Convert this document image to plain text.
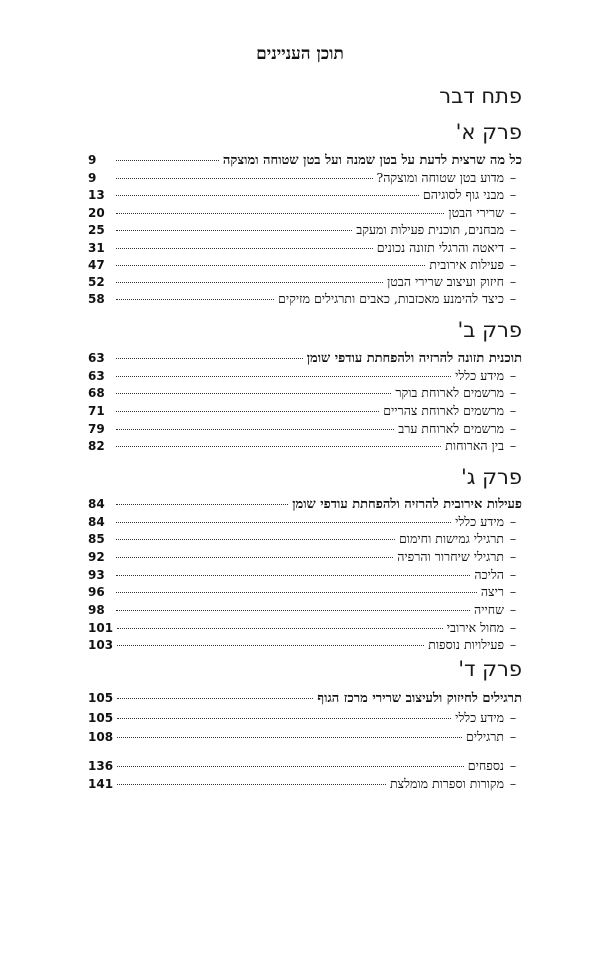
תוכן העניינים
פתח דבר
פרק א'
כל מה שרצית לדעת על בטן שמנה ועל בטן שטוחה ומוצקה
9
–
מדוע בטן שטוחה ומוצקה?
9
–
מבני גוף לסוגיהם
13
–
שרירי הבטן
20
–
מבחנים, תוכנית פעילות ומעקב
25
–
דיאטה והרגלי תזונה נכונים
31
–
פעילות אירובית
47
–
חיזוק ועיצוב שרירי הבטן
52
–
כיצד להימנע מאכזבות, כאבים ותרגילים מזיקים
58
פרק ב'
תוכנית תזונה להרזיה ולהפחתת עודפי שומן
63
–
מידע כללי
63
–
מרשמים לארוחת בוקר
68
–
מרשמים לארוחת צהריים
71
–
מרשמים לארוחת ערב
79
–
בין הארוחות
82
פרק ג'
פעילות אירובית להרזיה ולהפחתת עודפי שומן
84
–
מידע כללי
84
–
תרגילי גמישות וחימום
85
–
תרגילי שיחרור והרפיה
92
–
הליכה
93
–
ריצה
96
–
שחייה
98
–
מחול אירובי
101
–
פעילויות נוספות
103
פרק ד'
תרגילים לחיזוק ולעיצוב שרירי מרכז הגוף
105
–
מידע כללי
105
–
תרגילים
108
–
נספחים
136
–
מקורות וספרות מומלצת
141
